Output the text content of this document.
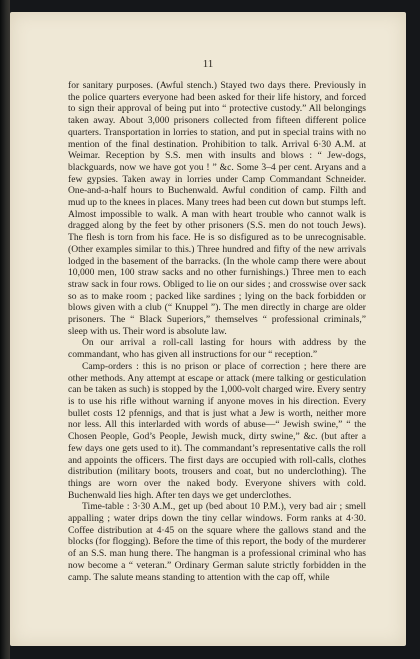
11

for sanitary purposes. (Awful stench.) Stayed two days there. Previously in the police quarters everyone had been asked for their life history, and forced to sign their approval of being put into “ protective custody.” All belongings taken away. About 3,000 prisoners collected from fifteen different police quarters. Transportation in lorries to station, and put in special trains with no mention of the final destination. Prohibition to talk. Arrival 6·30 A.M. at Weimar. Reception by S.S. men with insults and blows : “ Jew-dogs, blackguards, now we have got you ! ” &c. Some 3–4 per cent. Aryans and a few gypsies. Taken away in lorries under Camp Commandant Schneider. One-and-a-half hours to Buchenwald. Awful condition of camp. Filth and mud up to the knees in places. Many trees had been cut down but stumps left. Almost impossible to walk. A man with heart trouble who cannot walk is dragged along by the feet by other prisoners (S.S. men do not touch Jews). The flesh is torn from his face. He is so disfigured as to be unrecognisable. (Other examples similar to this.) Three hundred and fifty of the new arrivals lodged in the basement of the barracks. (In the whole camp there were about 10,000 men, 100 straw sacks and no other furnishings.) Three men to each straw sack in four rows. Obliged to lie on our sides ; and crosswise over sack so as to make room ; packed like sardines ; lying on the back forbidden or blows given with a club (“ Knuppel ”). The men directly in charge are older prisoners. The “ Black Superiors,” themselves “ professional criminals,” sleep with us. Their word is absolute law.

On our arrival a roll-call lasting for hours with address by the commandant, who has given all instructions for our “ reception.”

Camp-orders : this is no prison or place of correction ; here there are other methods. Any attempt at escape or attack (mere talking or gesticulation can be taken as such) is stopped by the 1,000-volt charged wire. Every sentry is to use his rifle without warning if anyone moves in his direction. Every bullet costs 12 pfennigs, and that is just what a Jew is worth, neither more nor less. All this interlarded with words of abuse—“ Jewish swine,” “ the Chosen People, God’s People, Jewish muck, dirty swine,” &c. (but after a few days one gets used to it). The commandant’s representative calls the roll and appoints the officers. The first days are occupied with roll-calls, clothes distribution (military boots, trousers and coat, but no underclothing). The things are worn over the naked body. Everyone shivers with cold. Buchenwald lies high. After ten days we get underclothes.

Time-table : 3·30 A.M., get up (bed about 10 P.M.), very bad air ; smell appalling ; water drips down the tiny cellar windows. Form ranks at 4·30. Coffee distribution at 4·45 on the square where the gallows stand and the blocks (for flogging). Before the time of this report, the body of the murderer of an S.S. man hung there. The hangman is a professional criminal who has now become a “ veteran.” Ordinary German salute strictly forbidden in the camp. The salute means standing to attention with the cap off, while
